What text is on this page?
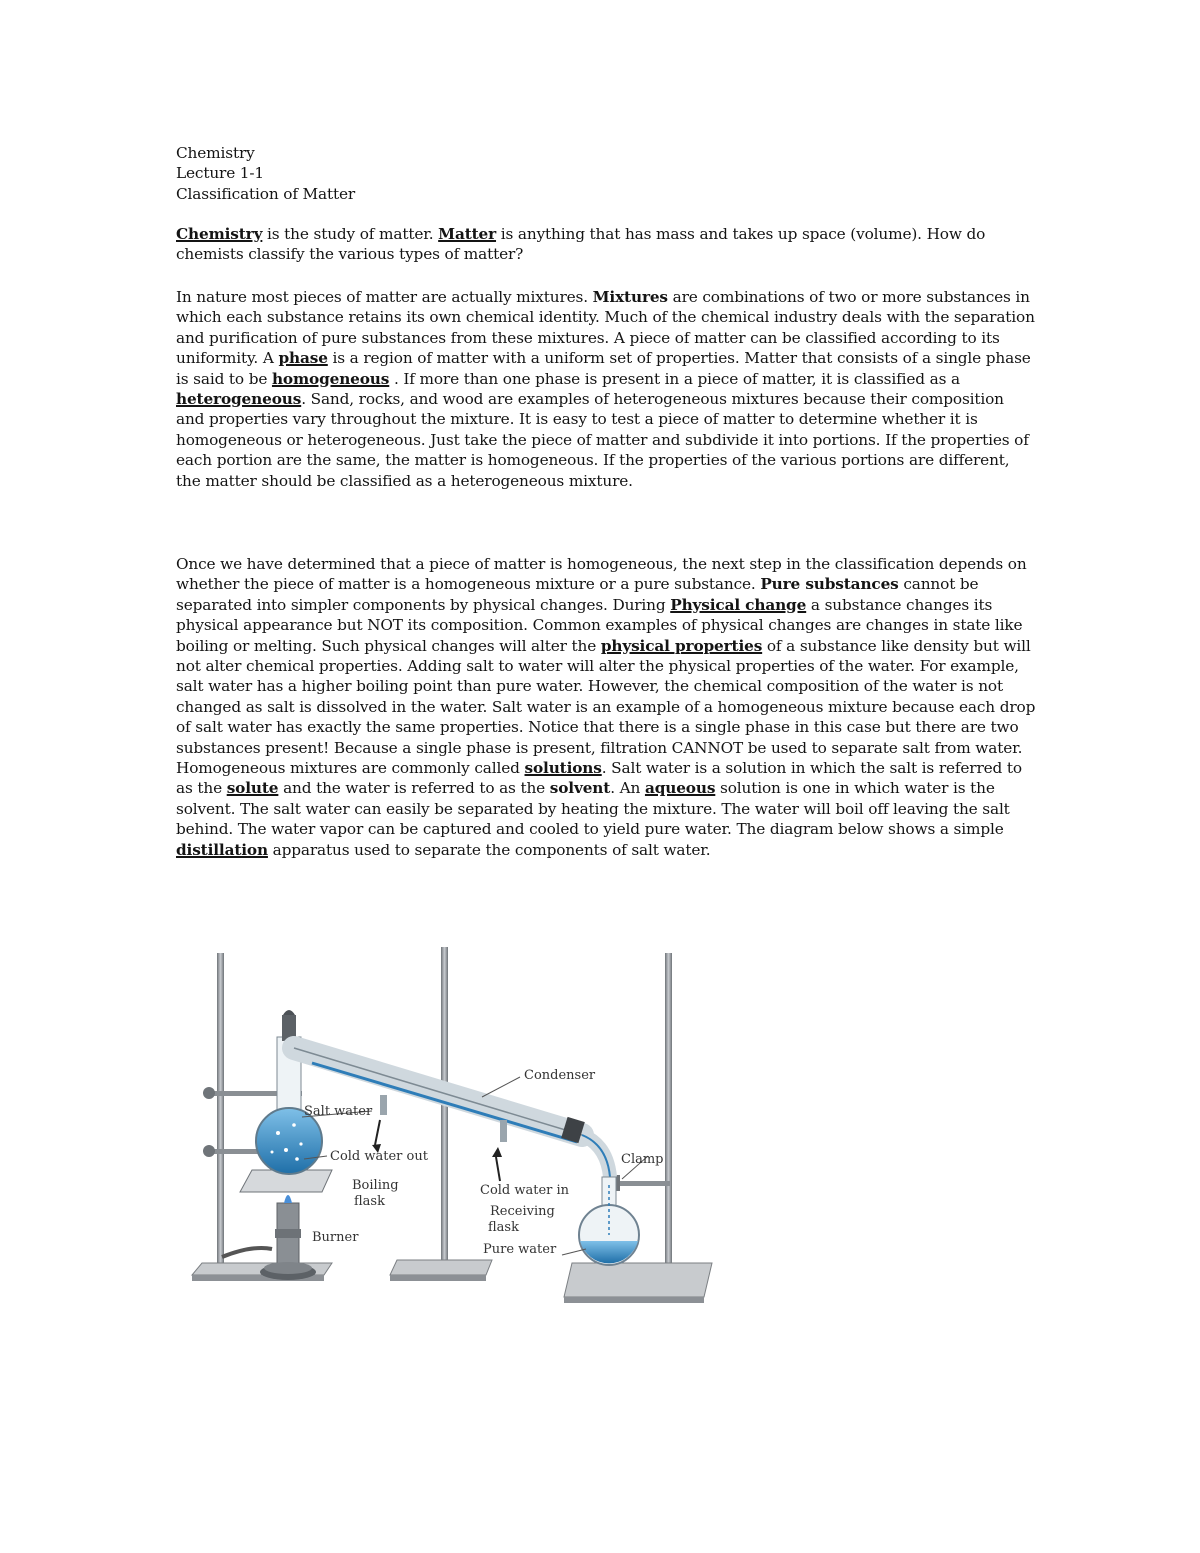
Chemistry
Lecture 1-1
Classification of Matter

Chemistry is the study of matter. Matter is anything that has mass and takes up space (volume). How do chemists classify the various types of matter?

In nature most pieces of matter are actually mixtures. Mixtures are combinations of two or more substances in which each substance retains its own chemical identity. Much of the chemical industry deals with the separation and purification of pure substances from these mixtures. A piece of matter can be classified according to its uniformity. A phase is a region of matter with a uniform set of properties. Matter that consists of a single phase is said to be homogeneous . If more than one phase is present in a piece of matter, it is classified as a heterogeneous. Sand, rocks, and wood are examples of heterogeneous mixtures because their composition and properties vary throughout the mixture. It is easy to test a piece of matter to determine whether it is homogeneous or heterogeneous. Just take the piece of matter and subdivide it into portions. If the properties of each portion are the same, the matter is homogeneous. If the properties of the various portions are different, the matter should be classified as a heterogeneous mixture.

Once we have determined that a piece of matter is homogeneous, the next step in the classification depends on whether the piece of matter is a homogeneous mixture or a pure substance. Pure substances cannot be separated into simpler components by physical changes. During Physical change a substance changes its physical appearance but NOT its composition. Common examples of physical changes are changes in state like boiling or melting. Such physical changes will alter the physical properties of a substance like density but will not alter chemical properties. Adding salt to water will alter the physical properties of the water. For example, salt water has a higher boiling point than pure water. However, the chemical composition of the water is not changed as salt is dissolved in the water. Salt water is an example of a homogeneous mixture because each drop of salt water has exactly the same properties. Notice that there is a single phase in this case but there are two substances present! Because a single phase is present, filtration CANNOT be used to separate salt from water. Homogeneous mixtures are commonly called solutions. Salt water is a solution in which the salt is referred to as the solute and the water is referred to as the solvent. An aqueous solution is one in which water is the solvent. The salt water can easily be separated by heating the mixture. The water will boil off leaving the salt behind. The water vapor can be captured and cooled to yield pure water. The diagram below shows a simple distillation apparatus used to separate the components of salt water.

Condenser
Salt water
Cold water out
Boiling
flask
Burner
Cold water in
Receiving
flask
Pure water
Clamp
